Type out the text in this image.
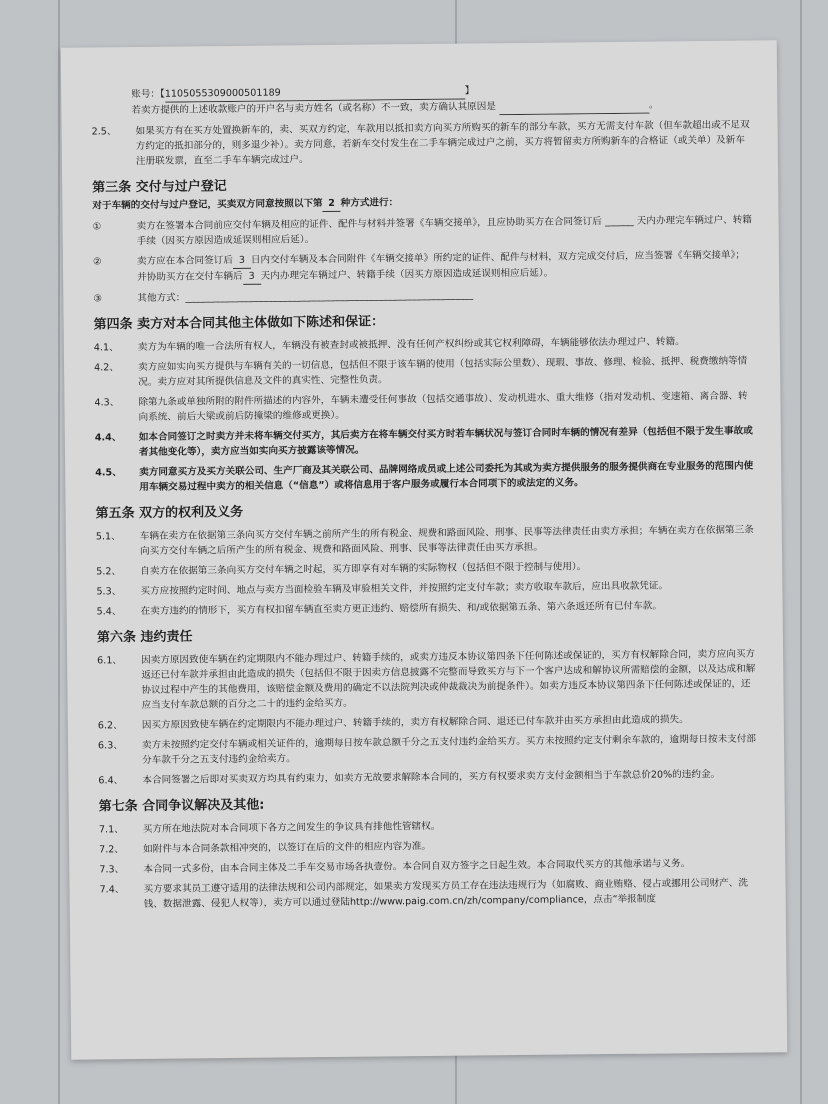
账号：【1105055309000501189	】
若卖方提供的上述收款账户的开户名与卖方姓名（或名称）不一致，卖方确认其原因是	。
2.5、 如果买方有在买方处置换新车的，卖、买双方约定，车款用以抵扣卖方向买方所购买的新车的部分车款，买方无需支付车款（但车款超出或不足双方约定的抵扣部分的，则多退少补）。卖方同意，若新车交付发生在二手车辆完成过户之前，买方将暂留卖方所购新车的合格证（或关单）及新车注册联发票，直至二手车车辆完成过户。
第三条 交付与过户登记
对于车辆的交付与过户登记，买卖双方同意按照以下第 2 种方式进行：
①	卖方在签署本合同前应交付车辆及相应的证件、配件与材料并签署《车辆交接单》，且应协助买方在合同签订后 ______ 天内办理完车辆过户、转籍手续（因买方原因造成延误则相应后延）。
②	卖方应在本合同签订后 3 日内交付车辆及本合同附件《车辆交接单》所约定的证件、配件与材料，双方完成交付后，应当签署《车辆交接单》；并协助买方在交付车辆后 3 天内办理完车辆过户、转籍手续（因买方原因造成延误则相应后延）。
③	其他方式：____________________________________________________________
第四条 卖方对本合同其他主体做如下陈述和保证：
4.1、 卖方为车辆的唯一合法所有权人，车辆没有被查封或被抵押、没有任何产权纠纷或其它权利障碍，车辆能够依法办理过户、转籍。
4.2、 卖方应如实向买方提供与车辆有关的一切信息，包括但不限于该车辆的使用（包括实际公里数）、现瑕、事故、修理、检验、抵押、税费缴纳等情况。卖方应对其所提供信息及文件的真实性、完整性负责。
4.3、 除第九条或单独所附的附件所描述的内容外，车辆未遭受任何事故（包括交通事故）、发动机进水、重大维修（指对发动机、变速箱、离合器、转向系统、前后大梁或前后防撞梁的维修或更换）。
4.4、 如本合同签订之时卖方并未将车辆交付买方，其后卖方在将车辆交付买方时若车辆状况与签订合同时车辆的情况有差异（包括但不限于发生事故或者其他变化等），卖方应当如实向买方披露该等情况。
4.5、 卖方同意买方及买方关联公司、生产厂商及其关联公司、品牌网络成员或上述公司委托为其或为卖方提供服务的服务提供商在专业服务的范围内使用车辆交易过程中卖方的相关信息（“信息”）或将信息用于客户服务或履行本合同项下的或法定的义务。
第五条 双方的权利及义务
5.1、 车辆在卖方在依据第三条向买方交付车辆之前所产生的所有税金、规费和路面风险、刑事、民事等法律责任由卖方承担；车辆在卖方在依据第三条向买方交付车辆之后所产生的所有税金、规费和路面风险、刑事、民事等法律责任由买方承担。
5.2、 自卖方在依据第三条向买方交付车辆之时起，买方即享有对车辆的实际物权（包括但不限于控制与使用）。
5.3、 买方应按照约定时间、地点与卖方当面检验车辆及审验相关文件，并按照约定支付车款；卖方收取车款后，应出具收款凭证。
5.4、 在卖方违约的情形下，买方有权扣留车辆直至卖方更正违约、赔偿所有损失、和/或依据第五条、第六条返还所有已付车款。
第六条 违约责任
6.1、 因卖方原因致使车辆在约定期限内不能办理过户、转籍手续的，或卖方违反本协议第四条下任何陈述或保证的，买方有权解除合同，卖方应向买方返还已付车款并承担由此造成的损失（包括但不限于因卖方信息披露不完整而导致买方与下一个客户达成和解协议所需赔偿的金额，以及达成和解协议过程中产生的其他费用，该赔偿金额及费用的确定不以法院判决或仲裁裁决为前提条件）。如卖方违反本协议第四条下任何陈述或保证的，还应当支付车款总额的百分之二十的违约金给买方。
6.2、 因买方原因致使车辆在约定期限内不能办理过户、转籍手续的，卖方有权解除合同、退还已付车款并由买方承担由此造成的损失。
6.3、 卖方未按照约定交付车辆或相关证件的，逾期每日按车款总额千分之五支付违约金给买方。买方未按照约定支付剩余车款的，逾期每日按未支付部分车款千分之五支付违约金给卖方。
6.4、 本合同签署之后即对买卖双方均具有约束力，如卖方无故要求解除本合同的，买方有权要求卖方支付金额相当于车款总价20%的违约金。
第七条 合同争议解决及其他:
7.1、 买方所在地法院对本合同项下各方之间发生的争议具有排他性管辖权。
7.2、 如附件与本合同条款相冲突的，以签订在后的文件的相应内容为准。
7.3、 本合同一式多份，由本合同主体及二手车交易市场各执壹份。本合同自双方签字之日起生效。本合同取代买方的其他承诺与义务。
7.4、 买方要求其员工遵守适用的法律法规和公司内部规定，如果卖方发现买方员工存在违法违规行为（如腐败、商业贿赂、侵占或挪用公司财产、洗钱、数据泄露、侵犯人权等），卖方可以通过登陆http://www.paig.com.cn/zh/company/compliance，点击“举报制度
